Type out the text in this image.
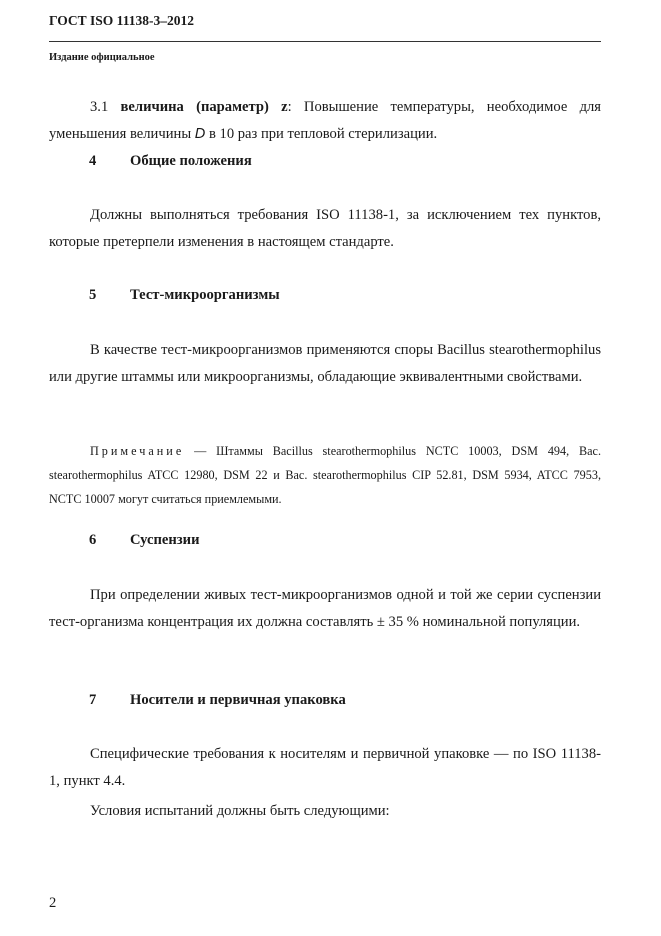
ГОСТ ISO 11138-3–2012
Издание официальное
3.1 величина (параметр) z: Повышение температуры, необходимое для уменьшения величины D в 10 раз при тепловой стерилизации.
4 Общие положения
Должны выполняться требования ISO 11138-1, за исключением тех пунктов, которые претерпели изменения в настоящем стандарте.
5 Тест-микроорганизмы
В качестве тест-микроорганизмов применяются споры Bacillus stearothermophilus или другие штаммы или микроорганизмы, обладающие эквивалентными свойствами.
Примечание — Штаммы Bacillus stearothermophilus NCTC 10003, DSM 494, Bac. stearothermophilus ATCC 12980, DSM 22 и Bac. stearothermophilus CIP 52.81, DSM 5934, ATCC 7953, NCTC 10007 могут считаться приемлемыми.
6 Суспензии
При определении живых тест-микроорганизмов одной и той же серии суспензии тест-организма концентрация их должна составлять ± 35 % номинальной популяции.
7 Носители и первичная упаковка
Специфические требования к носителям и первичной упаковке — по ISO 11138-1, пункт 4.4.
Условия испытаний должны быть следующими:
2
